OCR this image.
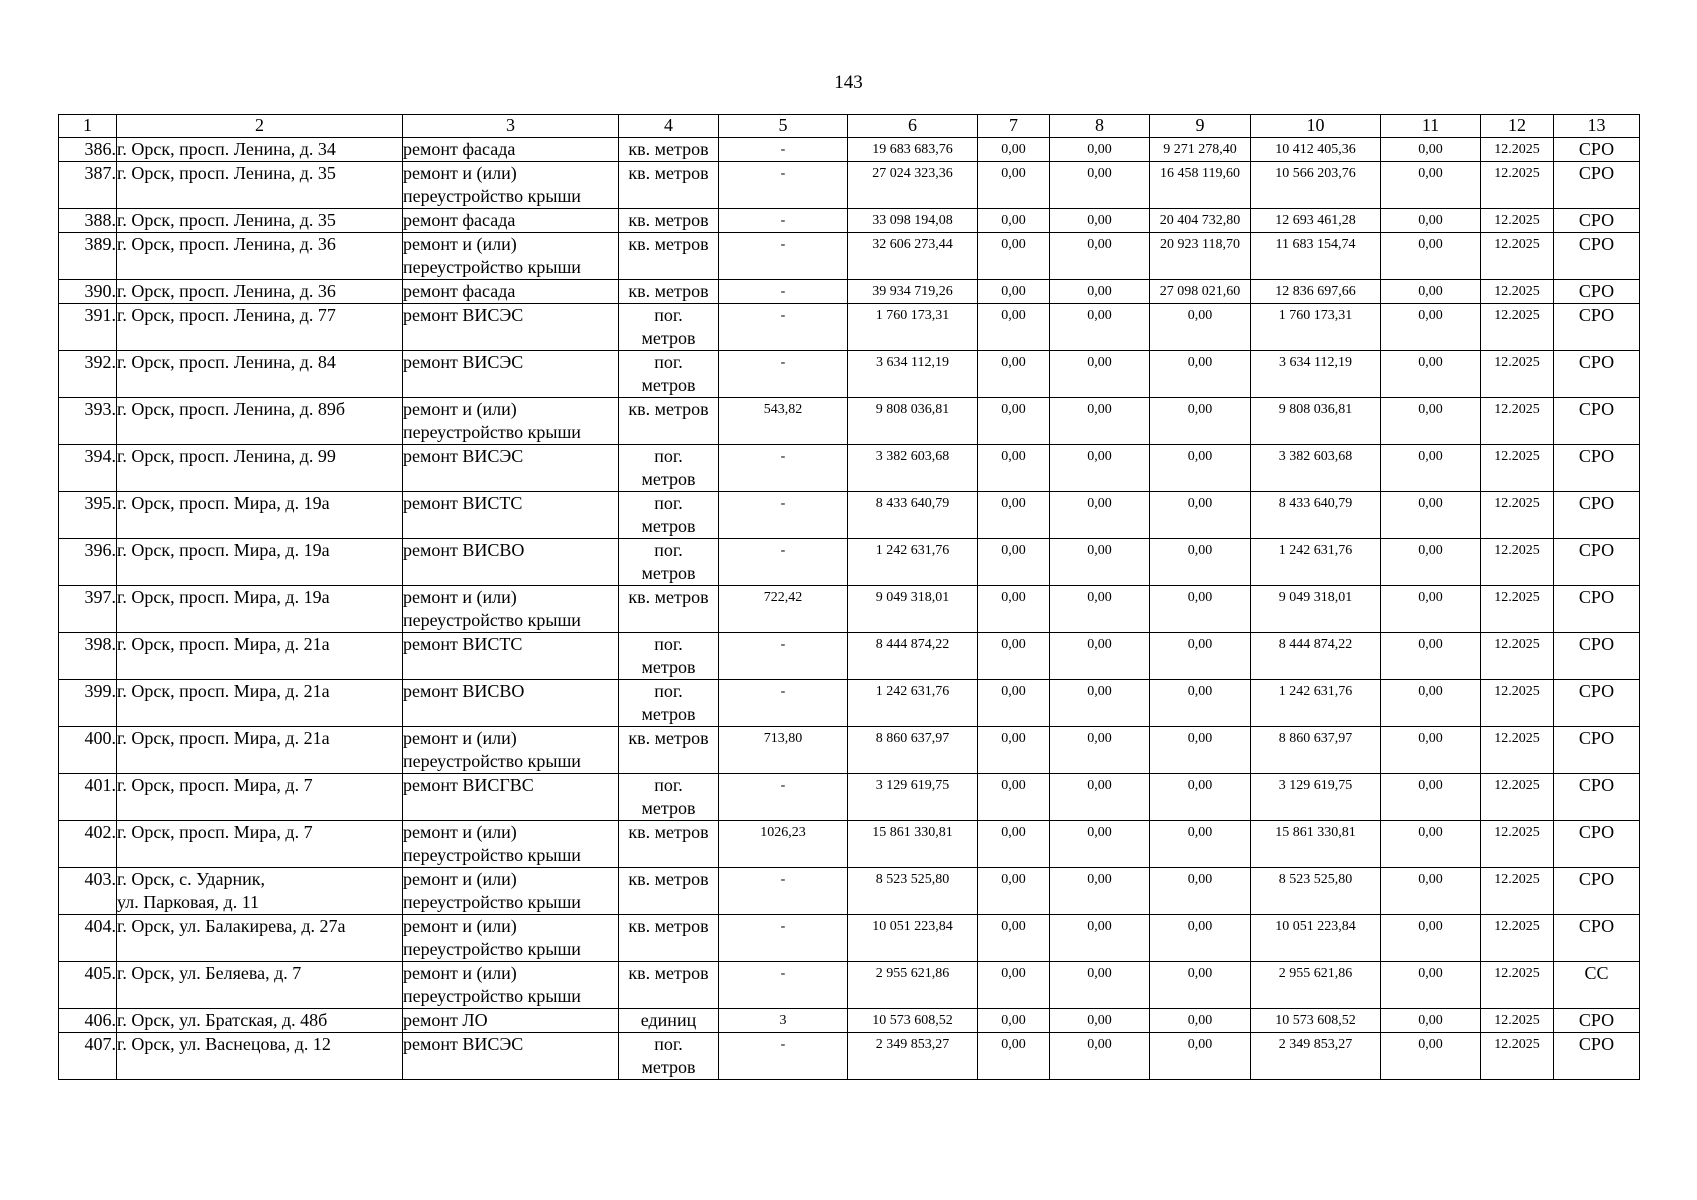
143
1	2	3	4	5	6	7	8	9	10	11	12	13
386.	г. Орск, просп. Ленина, д. 34	ремонт фасада	кв. метров	-	19 683 683,76	0,00	0,00	9 271 278,40	10 412 405,36	0,00	12.2025	СРО
387.	г. Орск, просп. Ленина, д. 35	ремонт и (или)
переустройство крыши	кв. метров	-	27 024 323,36	0,00	0,00	16 458 119,60	10 566 203,76	0,00	12.2025	СРО
388.	г. Орск, просп. Ленина, д. 35	ремонт фасада	кв. метров	-	33 098 194,08	0,00	0,00	20 404 732,80	12 693 461,28	0,00	12.2025	СРО
389.	г. Орск, просп. Ленина, д. 36	ремонт и (или)
переустройство крыши	кв. метров	-	32 606 273,44	0,00	0,00	20 923 118,70	11 683 154,74	0,00	12.2025	СРО
390.	г. Орск, просп. Ленина, д. 36	ремонт фасада	кв. метров	-	39 934 719,26	0,00	0,00	27 098 021,60	12 836 697,66	0,00	12.2025	СРО
391.	г. Орск, просп. Ленина, д. 77	ремонт ВИСЭС	пог.
метров	-	1 760 173,31	0,00	0,00	0,00	1 760 173,31	0,00	12.2025	СРО
392.	г. Орск, просп. Ленина, д. 84	ремонт ВИСЭС	пог.
метров	-	3 634 112,19	0,00	0,00	0,00	3 634 112,19	0,00	12.2025	СРО
393.	г. Орск, просп. Ленина, д. 89б	ремонт и (или)
переустройство крыши	кв. метров	543,82	9 808 036,81	0,00	0,00	0,00	9 808 036,81	0,00	12.2025	СРО
394.	г. Орск, просп. Ленина, д. 99	ремонт ВИСЭС	пог.
метров	-	3 382 603,68	0,00	0,00	0,00	3 382 603,68	0,00	12.2025	СРО
395.	г. Орск, просп. Мира, д. 19а	ремонт ВИСТС	пог.
метров	-	8 433 640,79	0,00	0,00	0,00	8 433 640,79	0,00	12.2025	СРО
396.	г. Орск, просп. Мира, д. 19а	ремонт ВИСВО	пог.
метров	-	1 242 631,76	0,00	0,00	0,00	1 242 631,76	0,00	12.2025	СРО
397.	г. Орск, просп. Мира, д. 19а	ремонт и (или)
переустройство крыши	кв. метров	722,42	9 049 318,01	0,00	0,00	0,00	9 049 318,01	0,00	12.2025	СРО
398.	г. Орск, просп. Мира, д. 21а	ремонт ВИСТС	пог.
метров	-	8 444 874,22	0,00	0,00	0,00	8 444 874,22	0,00	12.2025	СРО
399.	г. Орск, просп. Мира, д. 21а	ремонт ВИСВО	пог.
метров	-	1 242 631,76	0,00	0,00	0,00	1 242 631,76	0,00	12.2025	СРО
400.	г. Орск, просп. Мира, д. 21а	ремонт и (или)
переустройство крыши	кв. метров	713,80	8 860 637,97	0,00	0,00	0,00	8 860 637,97	0,00	12.2025	СРО
401.	г. Орск, просп. Мира, д. 7	ремонт ВИСГВС	пог.
метров	-	3 129 619,75	0,00	0,00	0,00	3 129 619,75	0,00	12.2025	СРО
402.	г. Орск, просп. Мира, д. 7	ремонт и (или)
переустройство крыши	кв. метров	1026,23	15 861 330,81	0,00	0,00	0,00	15 861 330,81	0,00	12.2025	СРО
403.	г. Орск, с. Ударник,
ул. Парковая, д. 11	ремонт и (или)
переустройство крыши	кв. метров	-	8 523 525,80	0,00	0,00	0,00	8 523 525,80	0,00	12.2025	СРО
404.	г. Орск, ул. Балакирева, д. 27а	ремонт и (или)
переустройство крыши	кв. метров	-	10 051 223,84	0,00	0,00	0,00	10 051 223,84	0,00	12.2025	СРО
405.	г. Орск, ул. Беляева, д. 7	ремонт и (или)
переустройство крыши	кв. метров	-	2 955 621,86	0,00	0,00	0,00	2 955 621,86	0,00	12.2025	СС
406.	г. Орск, ул. Братская, д. 48б	ремонт ЛО	единиц	3	10 573 608,52	0,00	0,00	0,00	10 573 608,52	0,00	12.2025	СРО
407.	г. Орск, ул. Васнецова, д. 12	ремонт ВИСЭС	пог.
метров	-	2 349 853,27	0,00	0,00	0,00	2 349 853,27	0,00	12.2025	СРО
